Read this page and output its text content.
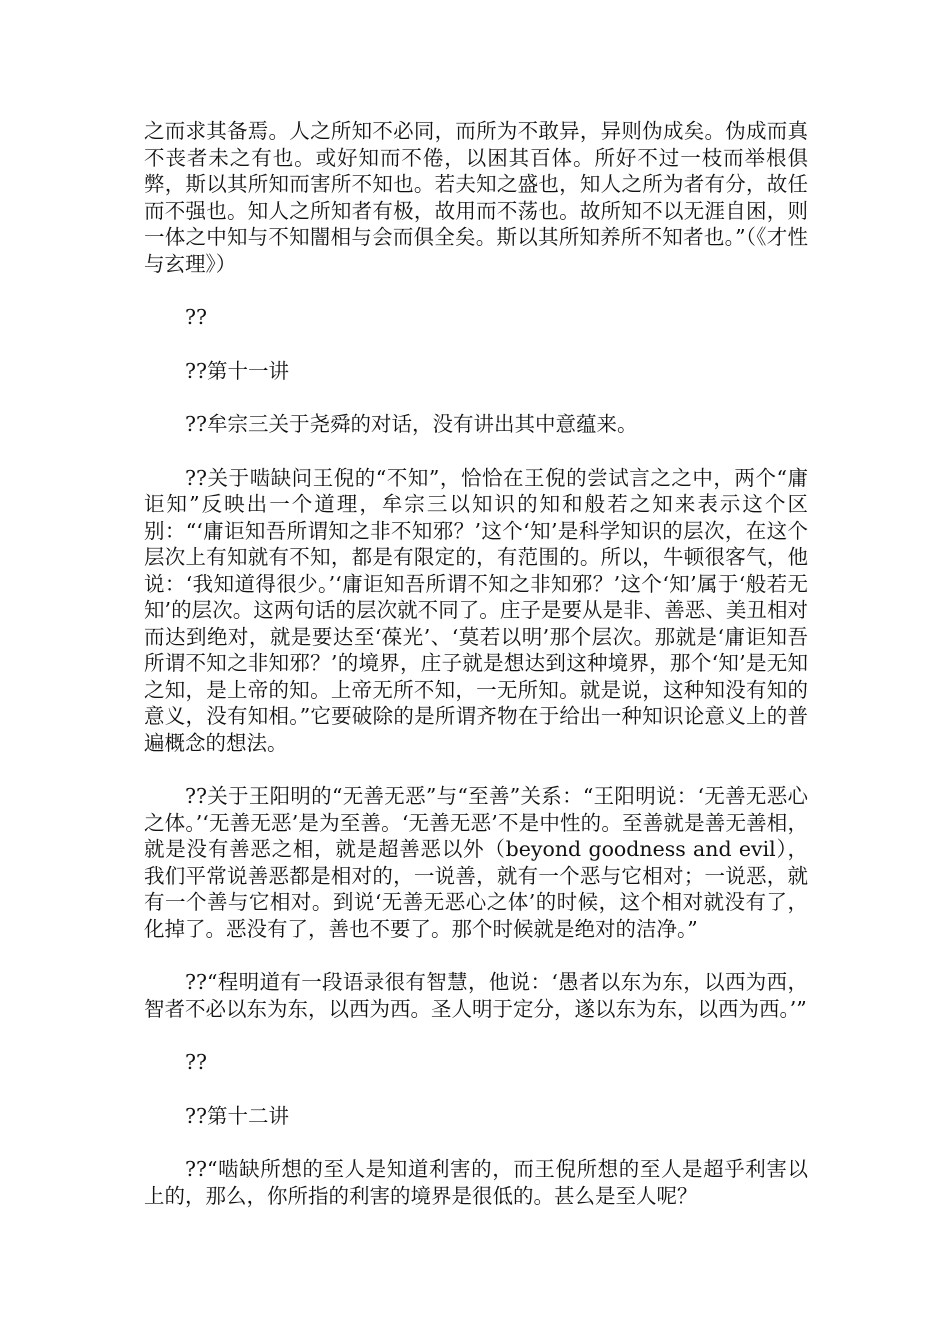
之而求其备焉。人之所知不必同，而所为不敢异，异则伪成矣。伪成而真不丧者未之有也。或好知而不倦，以困其百体。所好不过一枝而举根俱弊，斯以其所知而害所不知也。若夫知之盛也，知人之所为者有分，故任而不强也。知人之所知者有极，故用而不荡也。故所知不以无涯自困，则一体之中知与不知闇相与会而俱全矣。斯以其所知养所不知者也。”（《才性与玄理》）

??

??第十一讲

??牟宗三关于尧舜的对话，没有讲出其中意蕴来。

??关于啮缺问王倪的“不知”，恰恰在王倪的尝试言之之中，两个“庸讵知”反映出一个道理，牟宗三以知识的知和般若之知来表示这个区别：“‘庸讵知吾所谓知之非不知邪？’这个‘知’是科学知识的层次，在这个层次上有知就有不知，都是有限定的，有范围的。所以，牛顿很客气，他说：‘我知道得很少。’‘庸讵知吾所谓不知之非知邪？’这个‘知’属于‘般若无知’的层次。这两句话的层次就不同了。庄子是要从是非、善恶、美丑相对而达到绝对，就是要达至‘葆光’、‘莫若以明’那个层次。那就是‘庸讵知吾所谓不知之非知邪？’的境界，庄子就是想达到这种境界，那个‘知’是无知之知，是上帝的知。上帝无所不知，一无所知。就是说，这种知没有知的意义，没有知相。”它要破除的是所谓齐物在于给出一种知识论意义上的普遍概念的想法。

??关于王阳明的“无善无恶”与“至善”关系：“王阳明说：‘无善无恶心之体。’‘无善无恶’是为至善。‘无善无恶’不是中性的。至善就是善无善相，就是没有善恶之相，就是超善恶以外（beyond goodness and evil），我们平常说善恶都是相对的，一说善，就有一个恶与它相对；一说恶，就有一个善与它相对。到说‘无善无恶心之体’的时候，这个相对就没有了，化掉了。恶没有了，善也不要了。那个时候就是绝对的洁净。”

??“程明道有一段语录很有智慧，他说：‘愚者以东为东，以西为西，智者不必以东为东，以西为西。圣人明于定分，遂以东为东，以西为西。’”

??

??第十二讲

??“啮缺所想的至人是知道利害的，而王倪所想的至人是超乎利害以上的，那么，你所指的利害的境界是很低的。甚么是至人呢？
